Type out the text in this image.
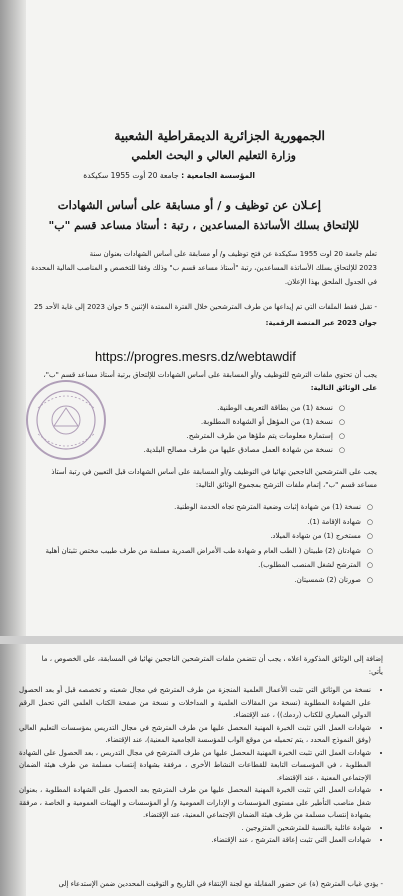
الجمهورية الجزائرية الديمقراطية الشعبية
وزارة التعليم العالي و البحث العلمي
المؤسسة الجامعية : جامعة 20 أوت 1955 سكيكدة
إعـلان عن توظيف و / أو مسابقة على أساس الشهادات
للإلتحاق بسلك الأساتذة المساعدين ، رتبة : أستاذ مساعد قسم "ب"
تعلم جامعة 20 اوت 1955 سكيكدة عن فتح توظيف و/ أو مسابقة على أساس الشهادات بعنوان سنة
2023 للإلتحاق بسلك الأساتذة المساعدين، رتبة "أستاذ مساعد قسم ب" وذلك وفقا للتخصص و المناصب المالية المحددة
في الجدول الملحق بهذا الإعلان.
- تقبل فقط الملفات التي تم إيداعها من طرف المترشحين خلال الفترة الممتدة الإثنين 5 جوان 2023 إلى غاية الأحد 25
جوان 2023 عبر المنصة الرقمية:
https://progres.mesrs.dz/webtawdif
يجب أن تحتوي ملفات الترشح للتوظيف و/أو المسابقة على أساس الشهادات للإلتحاق برتبة أستاذ مساعد قسم "ب"،
على الوثائق التالية:
○ نسخة (1) من بطاقة التعريف الوطنية.
○ نسخة (1) من المؤهل أو الشهادة المطلوبة.
○ إستمارة معلومات يتم ملؤها من طرف المترشح.
○ نسخة من شهادة العمل مصادق عليها من طرف مصالح البلدية.
يجب على المترشحين الناجحين نهائيا في التوظيف و/أو المسابقة على أساس الشهادات قبل التعيين في رتبة أستاذ
مساعد قسم "ب"، إتمام ملفات الترشح بمجموع الوثائق التالية:
○ نسخة (1) من شهادة إثبات وضعية المترشح تجاه الخدمة الوطنية.
○ شهادة الإقامة (1).
○ مستخرج (1) من شهادة الميلاد.
○ شهادتان (2) طبيتان ( الطب العام و شهادة طب الأمراض الصدرية مسلمة من طرف طبيب مختص تثبتان أهلية
○ المترشح لشغل المنصب المطلوب).
○ صورتان (2) شمسيتان.
إضافة إلى الوثائق المذكورة اعلاه ، يجب أن تتضمن ملفات المترشحين الناجحين نهائيا في المسابقة، على الخصوص ، ما
يأتي:
• نسخة من الوثائق التي تثبت الأعمال العلمية المنجزة من طرف المترشح في مجال شعبته و تخصصه قبل أو بعد الحصول على الشهادة المطلوبة (نسخة من المقالات العلمية و المداخلات و نسخة من صفحة الكتاب العلمي التي تحمل الرقم الدولي المعياري للكتاب (ردمك)) ، عند الإقتضاء.
• شهادات العمل التي تثبت الخبرة المهنية المحصل عليها من طرف المترشح في مجال التدريس بمؤسسات التعليم العالي (وفق النموذج المحدد ، يتم تحميله من موقع الواب للمؤسسة الجامعية المعنية)، عند الإقتضاء.
• شهادات العمل التي تثبت الخبرة المهنية المحصل عليها من طرف المترشح في مجال التدريس ، بعد الحصول على الشهادة المطلوبة ، في المؤسسات التابعة للقطاعات النشاط الأخرى ، مرفقة بشهادة إنتساب مسلمة من طرف هيئة الضمان الإجتماعي المعنية ، عند الإقتضاء.
• شهادات العمل التي تثبت الخبرة المهنية المحصل عليها من طرف المترشح بعد الحصول على الشهادة المطلوبة ، بعنوان شغل مناصب التأطير على مستوى المؤسسات و الإدارات العمومية و/ أو المؤسسات و الهيئات العمومية و الخاصة ، مرفقة بشهادة إنتساب مسلمة من طرف هيئة الضمان الإجتماعي المعنية، عند الإقتضاء.
• شهادة عائلية بالنسبة للمترشحين المتزوجين .
• شهادات العمل التي تثبت إعاقة المترشح ، عند الإقتضاء.
- يؤدي غياب المترشح (ة) عن حضور المقابلة مع لجنة الإنتقاء في التاريخ و التوقيت المحددين ضمن الإستدعاء إلى
